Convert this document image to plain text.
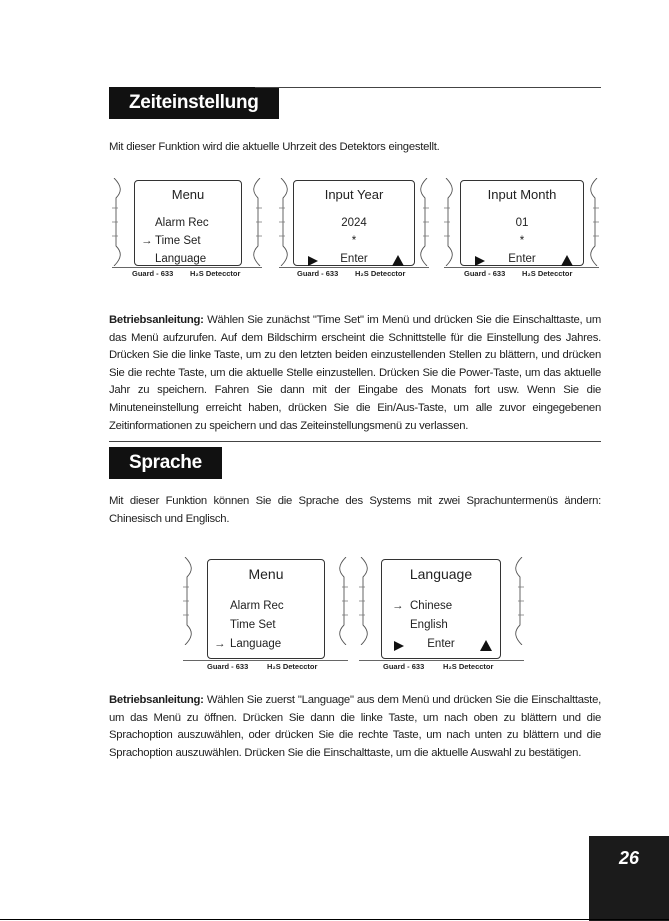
Zeiteinstellung
Mit dieser Funktion wird die aktuelle Uhrzeit des Detektors eingestellt.
Menu
Alarm Rec
→ Time Set
Language
Guard - 633 H₂S Detecctor
Input Year
2024
*
Enter
Guard - 633 H₂S Detecctor
Input Month
01
*
Enter
Guard - 633 H₂S Detecctor
Betriebsanleitung: Wählen Sie zunächst "Time Set" im Menü und drücken Sie die Einschalttaste, um das Menü aufzurufen. Auf dem Bildschirm erscheint die Schnittstelle für die Einstellung des Jahres. Drücken Sie die linke Taste, um zu den letzten beiden einzustellenden Stellen zu blättern, und drücken Sie die rechte Taste, um die aktuelle Stelle einzustellen. Drücken Sie die Power-Taste, um das aktuelle Jahr zu speichern. Fahren Sie dann mit der Eingabe des Monats fort usw. Wenn Sie die Minuteneinstellung erreicht haben, drücken Sie die Ein/Aus-Taste, um alle zuvor eingegebenen Zeitinformationen zu speichern und das Zeiteinstellungsmenü zu verlassen.
Sprache
Mit dieser Funktion können Sie die Sprache des Systems mit zwei Sprachuntermenüs ändern: Chinesisch und Englisch.
Menu
Alarm Rec
Time Set
→ Language
Guard - 633 H₂S Detecctor
Language
→ Chinese
English
Enter
Guard - 633 H₂S Detecctor
Betriebsanleitung: Wählen Sie zuerst "Language" aus dem Menü und drücken Sie die Einschalttaste, um das Menü zu öffnen. Drücken Sie dann die linke Taste, um nach oben zu blättern und die Sprachoption auszuwählen, oder drücken Sie die rechte Taste, um nach unten zu blättern und die Sprachoption auszuwählen. Drücken Sie die Einschalttaste, um die aktuelle Auswahl zu bestätigen.
26
